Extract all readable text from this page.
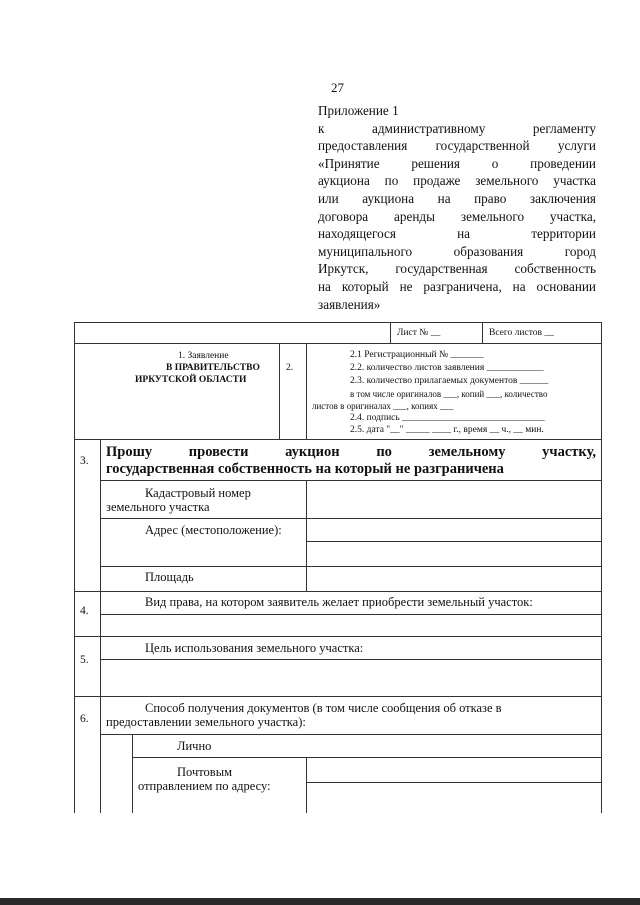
27
Приложение 1
к административному регламенту
предоставления государственной услуги
«Принятие решения о проведении
аукциона по продаже земельного участка
или аукциона на право заключения
договора аренды земельного участка,
находящегося на территории
муниципального образования город
Иркутск, государственная собственность
на который не разграничена, на основании
заявления»
Лист № __	Всего листов __
1. Заявление
В ПРАВИТЕЛЬСТВО
ИРКУТСКОЙ ОБЛАСТИ
2.
2.1 Регистрационный № _______
2.2. количество листов заявления ____________
2.3. количество прилагаемых документов ______
в том числе оригиналов ___, копий ___, количество
листов в оригиналах ___, копиях ___
2.4. подпись ______________________________
2.5. дата "__" _____ ____ г., время __ ч., __ мин.
3.
Прошу провести аукцион по земельному участку,
государственная собственность на который не разграничена
Кадастровый номер
земельного участка
Адрес (местоположение):
Площадь
4.
Вид права, на котором заявитель желает приобрести земельный участок:
5.
Цель использования земельного участка:
6.
Способ получения документов (в том числе сообщения об отказе в
предоставлении земельного участка):
Лично
Почтовым
отправлением по адресу:
